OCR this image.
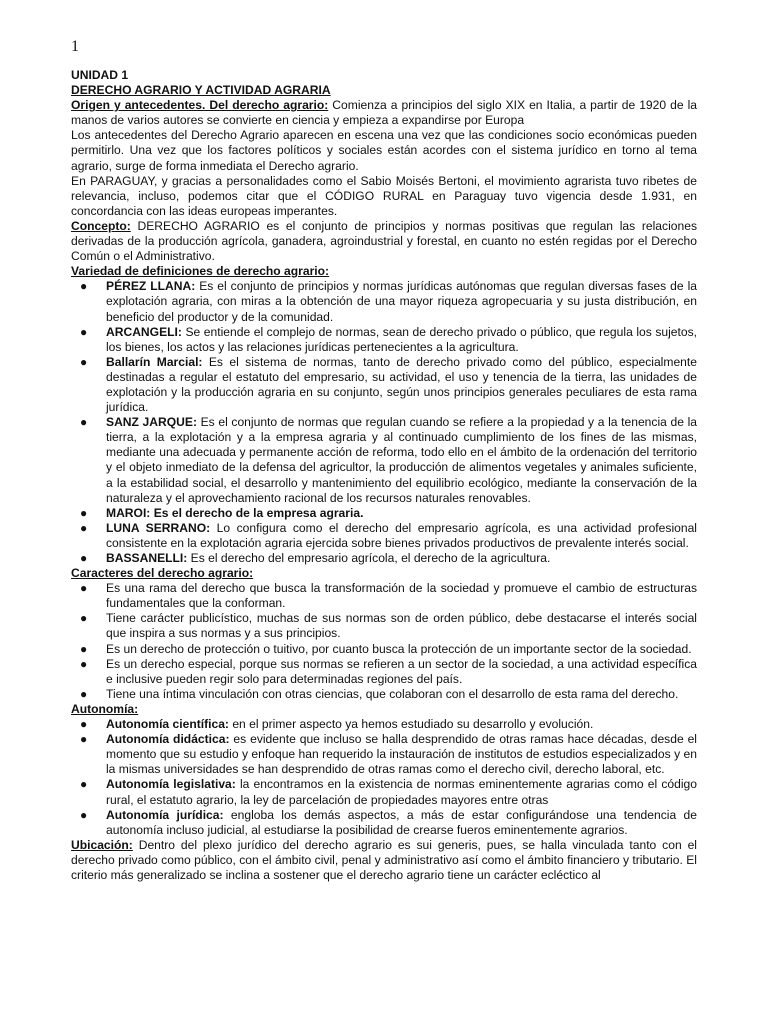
1

UNIDAD 1

DERECHO AGRARIO Y ACTIVIDAD AGRARIA

Origen y antecedentes. Del derecho agrario: Comienza a principios del siglo XIX en Italia, a partir de 1920 de la manos de varios autores se convierte en ciencia y empieza a expandirse por Europa

Los antecedentes del Derecho Agrario aparecen en escena una vez que las condiciones socio económicas pueden permitirlo. Una vez que los factores políticos y sociales están acordes con el sistema jurídico en torno al tema agrario, surge de forma inmediata el Derecho agrario.

En PARAGUAY, y gracias a personalidades como el Sabio Moisés Bertoni, el movimiento agrarista tuvo ribetes de relevancia, incluso, podemos citar que el CÓDIGO RURAL en Paraguay tuvo vigencia desde 1.931, en concordancia con las ideas europeas imperantes.

Concepto: DERECHO AGRARIO es el conjunto de principios y normas positivas que regulan las relaciones derivadas de la producción agrícola, ganadera, agroindustrial y forestal, en cuanto no estén regidas por el Derecho Común o el Administrativo.

Variedad de definiciones de derecho agrario:

● PÉREZ LLANA: Es el conjunto de principios y normas jurídicas autónomas que regulan diversas fases de la explotación agraria, con miras a la obtención de una mayor riqueza agropecuaria y su justa distribución, en beneficio del productor y de la comunidad.
● ARCANGELI: Se entiende el complejo de normas, sean de derecho privado o público, que regula los sujetos, los bienes, los actos y las relaciones jurídicas pertenecientes a la agricultura.
● Ballarín Marcial: Es el sistema de normas, tanto de derecho privado como del público, especialmente destinadas a regular el estatuto del empresario, su actividad, el uso y tenencia de la tierra, las unidades de explotación y la producción agraria en su conjunto, según unos principios generales peculiares de esta rama jurídica.
● SANZ JARQUE: Es el conjunto de normas que regulan cuando se refiere a la propiedad y a la tenencia de la tierra, a la explotación y a la empresa agraria y al continuado cumplimiento de los fines de las mismas, mediante una adecuada y permanente acción de reforma, todo ello en el ámbito de la ordenación del territorio y el objeto inmediato de la defensa del agricultor, la producción de alimentos vegetales y animales suficiente, a la estabilidad social, el desarrollo y mantenimiento del equilibrio ecológico, mediante la conservación de la naturaleza y el aprovechamiento racional de los recursos naturales renovables.
● MAROI: Es el derecho de la empresa agraria.
● LUNA SERRANO: Lo configura como el derecho del empresario agrícola, es una actividad profesional consistente en la explotación agraria ejercida sobre bienes privados productivos de prevalente interés social.
● BASSANELLI: Es el derecho del empresario agrícola, el derecho de la agricultura.

Caracteres del derecho agrario:

● Es una rama del derecho que busca la transformación de la sociedad y promueve el cambio de estructuras fundamentales que la conforman.
● Tiene carácter publicístico, muchas de sus normas son de orden público, debe destacarse el interés social que inspira a sus normas y a sus principios.
● Es un derecho de protección o tuitivo, por cuanto busca la protección de un importante sector de la sociedad.
● Es un derecho especial, porque sus normas se refieren a un sector de la sociedad, a una actividad específica e inclusive pueden regir solo para determinadas regiones del país.
● Tiene una íntima vinculación con otras ciencias, que colaboran con el desarrollo de esta rama del derecho.

Autonomía:

● Autonomía científica: en el primer aspecto ya hemos estudiado su desarrollo y evolución.
● Autonomía didáctica: es evidente que incluso se halla desprendido de otras ramas hace décadas, desde el momento que su estudio y enfoque han requerido la instauración de institutos de estudios especializados y en la mismas universidades se han desprendido de otras ramas como el derecho civil, derecho laboral, etc.
● Autonomía legislativa: la encontramos en la existencia de normas eminentemente agrarias como el código rural, el estatuto agrario, la ley de parcelación de propiedades mayores entre otras
● Autonomía jurídica: engloba los demás aspectos, a más de estar configurándose una tendencia de autonomía incluso judicial, al estudiarse la posibilidad de crearse fueros eminentemente agrarios.

Ubicación: Dentro del plexo jurídico del derecho agrario es sui generis, pues, se halla vinculada tanto con el derecho privado como público, con el ámbito civil, penal y administrativo así como el ámbito financiero y tributario. El criterio más generalizado se inclina a sostener que el derecho agrario tiene un carácter ecléctico al
